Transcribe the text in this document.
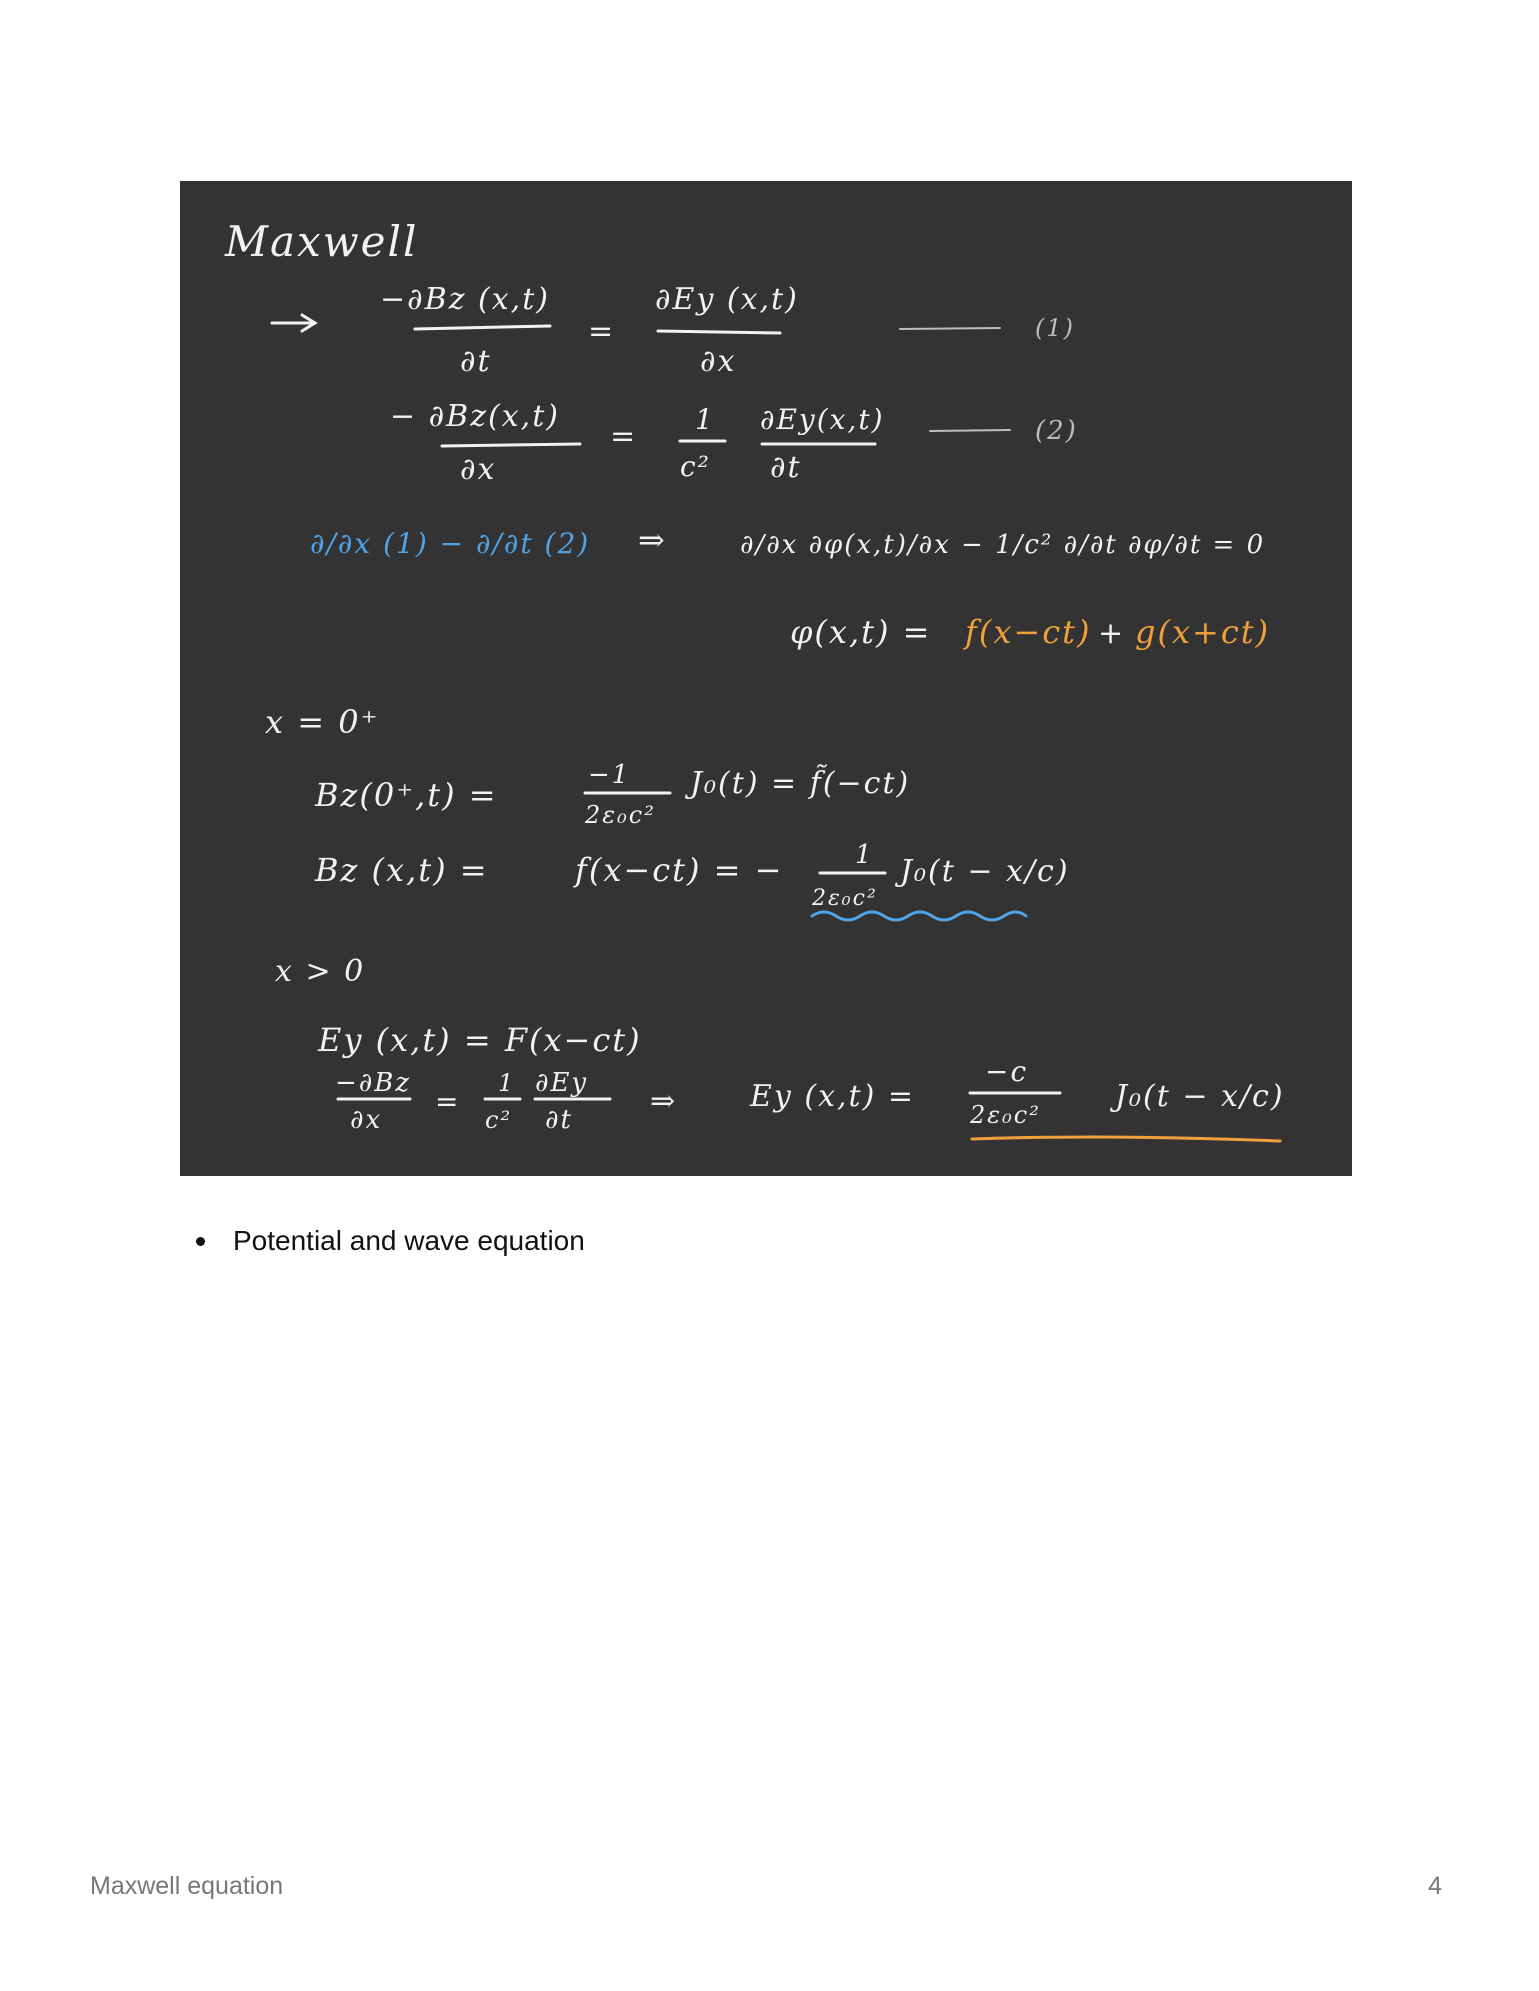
Maxwell
−∂Bz (x,t)
∂t
=
∂Ey (x,t)
∂x
(1)
− ∂Bz(x,t)
∂x
= 1
c²
∂Ey(x,t)
∂t
(2)
∂/∂x (1) − ∂/∂t (2) ⇒	∂/∂x ∂φ(x,t)/∂x − 1/c² ∂/∂t ∂φ/∂t = 0
φ(x,t) = f(x−ct) + g(x+ct)
x = 0⁺
Bz(0⁺,t) =
−1
2ε₀c²
J₀(t) = f̃(−ct)
Bz (x,t) =	f(x−ct) = −	1
2ε₀c²
J₀(t − x/c)
x > 0
Ey (x,t) = F(x−ct)
−∂Bz
∂x
=
1
c²
∂Ey
∂t
⇒ Ey (x,t) =
−c
2ε₀c²
J₀(t − x/c)
Potential and wave equation
Maxwell equation	4
